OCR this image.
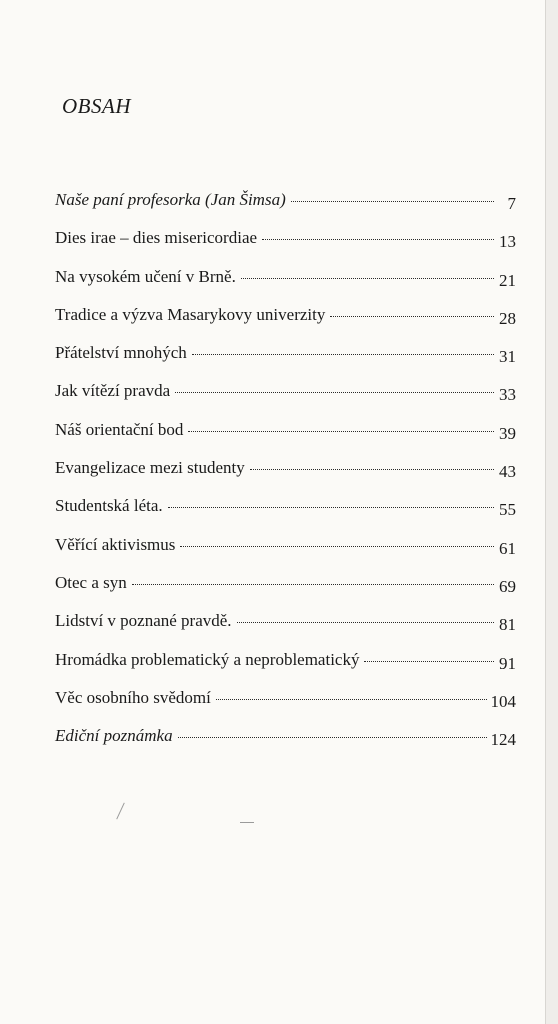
OBSAH
Naše paní profesorka (Jan Šimsa)	7
Dies irae – dies misericordiae	13
Na vysokém učení v Brně.	21
Tradice a výzva Masarykovy univerzity	28
Přátelství mnohých	31
Jak vítězí pravda	33
Náš orientační bod	39
Evangelizace mezi studenty	43
Studentská léta.	55
Věřící aktivismus	61
Otec a syn	69
Lidství v poznané pravdě.	81
Hromádka problematický a neproblematický	91
Věc osobního svědomí	104
Ediční poznámka	124
